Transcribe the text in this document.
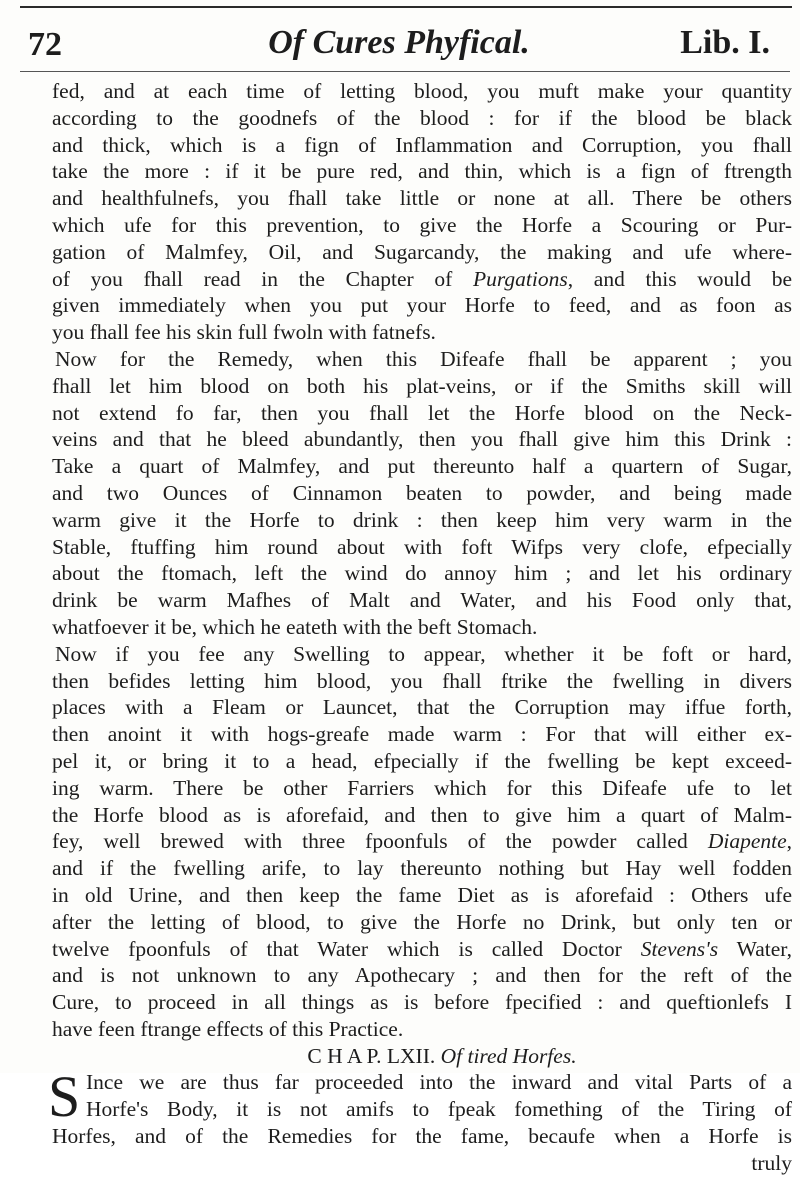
72	Of Cures Phyfical.	Lib. I.
fed, and at each time of letting blood, you muft make your quantity
according to the goodnefs of the blood : for if the blood be black
and thick, which is a fign of Inflammation and Corruption, you fhall
take the more : if it be pure red, and thin, which is a fign of ftrength
and healthfulnefs, you fhall take little or none at all. There be others
which ufe for this prevention, to give the Horfe a Scouring or Pur-
gation of Malmfey, Oil, and Sugarcandy, the making and ufe where-
of you fhall read in the Chapter of Purgations, and this would be
given immediately when you put your Horfe to feed, and as foon as
you fhall fee his skin full fwoln with fatnefs.
Now for the Remedy, when this Difeafe fhall be apparent ; you
fhall let him blood on both his plat-veins, or if the Smiths skill will
not extend fo far, then you fhall let the Horfe blood on the Neck-
veins and that he bleed abundantly, then you fhall give him this Drink :
Take a quart of Malmfey, and put thereunto half a quartern of Sugar,
and two Ounces of Cinnamon beaten to powder, and being made
warm give it the Horfe to drink : then keep him very warm in the
Stable, ftuffing him round about with foft Wifps very clofe, efpecially
about the ftomach, left the wind do annoy him ; and let his ordinary
drink be warm Mafhes of Malt and Water, and his Food only that,
whatfoever it be, which he eateth with the beft Stomach.
Now if you fee any Swelling to appear, whether it be foft or hard,
then befides letting him blood, you fhall ftrike the fwelling in divers
places with a Fleam or Launcet, that the Corruption may iffue forth,
then anoint it with hogs-greafe made warm : For that will either ex-
pel it, or bring it to a head, efpecially if the fwelling be kept exceed-
ing warm. There be other Farriers which for this Difeafe ufe to let
the Horfe blood as is aforefaid, and then to give him a quart of Malm-
fey, well brewed with three fpoonfuls of the powder called Diapente,
and if the fwelling arife, to lay thereunto nothing but Hay well fodden
in old Urine, and then keep the fame Diet as is aforefaid : Others ufe
after the letting of blood, to give the Horfe no Drink, but only ten or
twelve fpoonfuls of that Water which is called Doctor Stevens's Water,
and is not unknown to any Apothecary ; and then for the reft of the
Cure, to proceed in all things as is before fpecified : and queftionlefs I
have feen ftrange effects of this Practice.
C H A P. LXII. Of tired Horfes.
S Ince we are thus far proceeded into the inward and vital Parts of a
Horfe's Body, it is not amifs to fpeak fomething of the Tiring of
Horfes, and of the Remedies for the fame, becaufe when a Horfe is
truly
